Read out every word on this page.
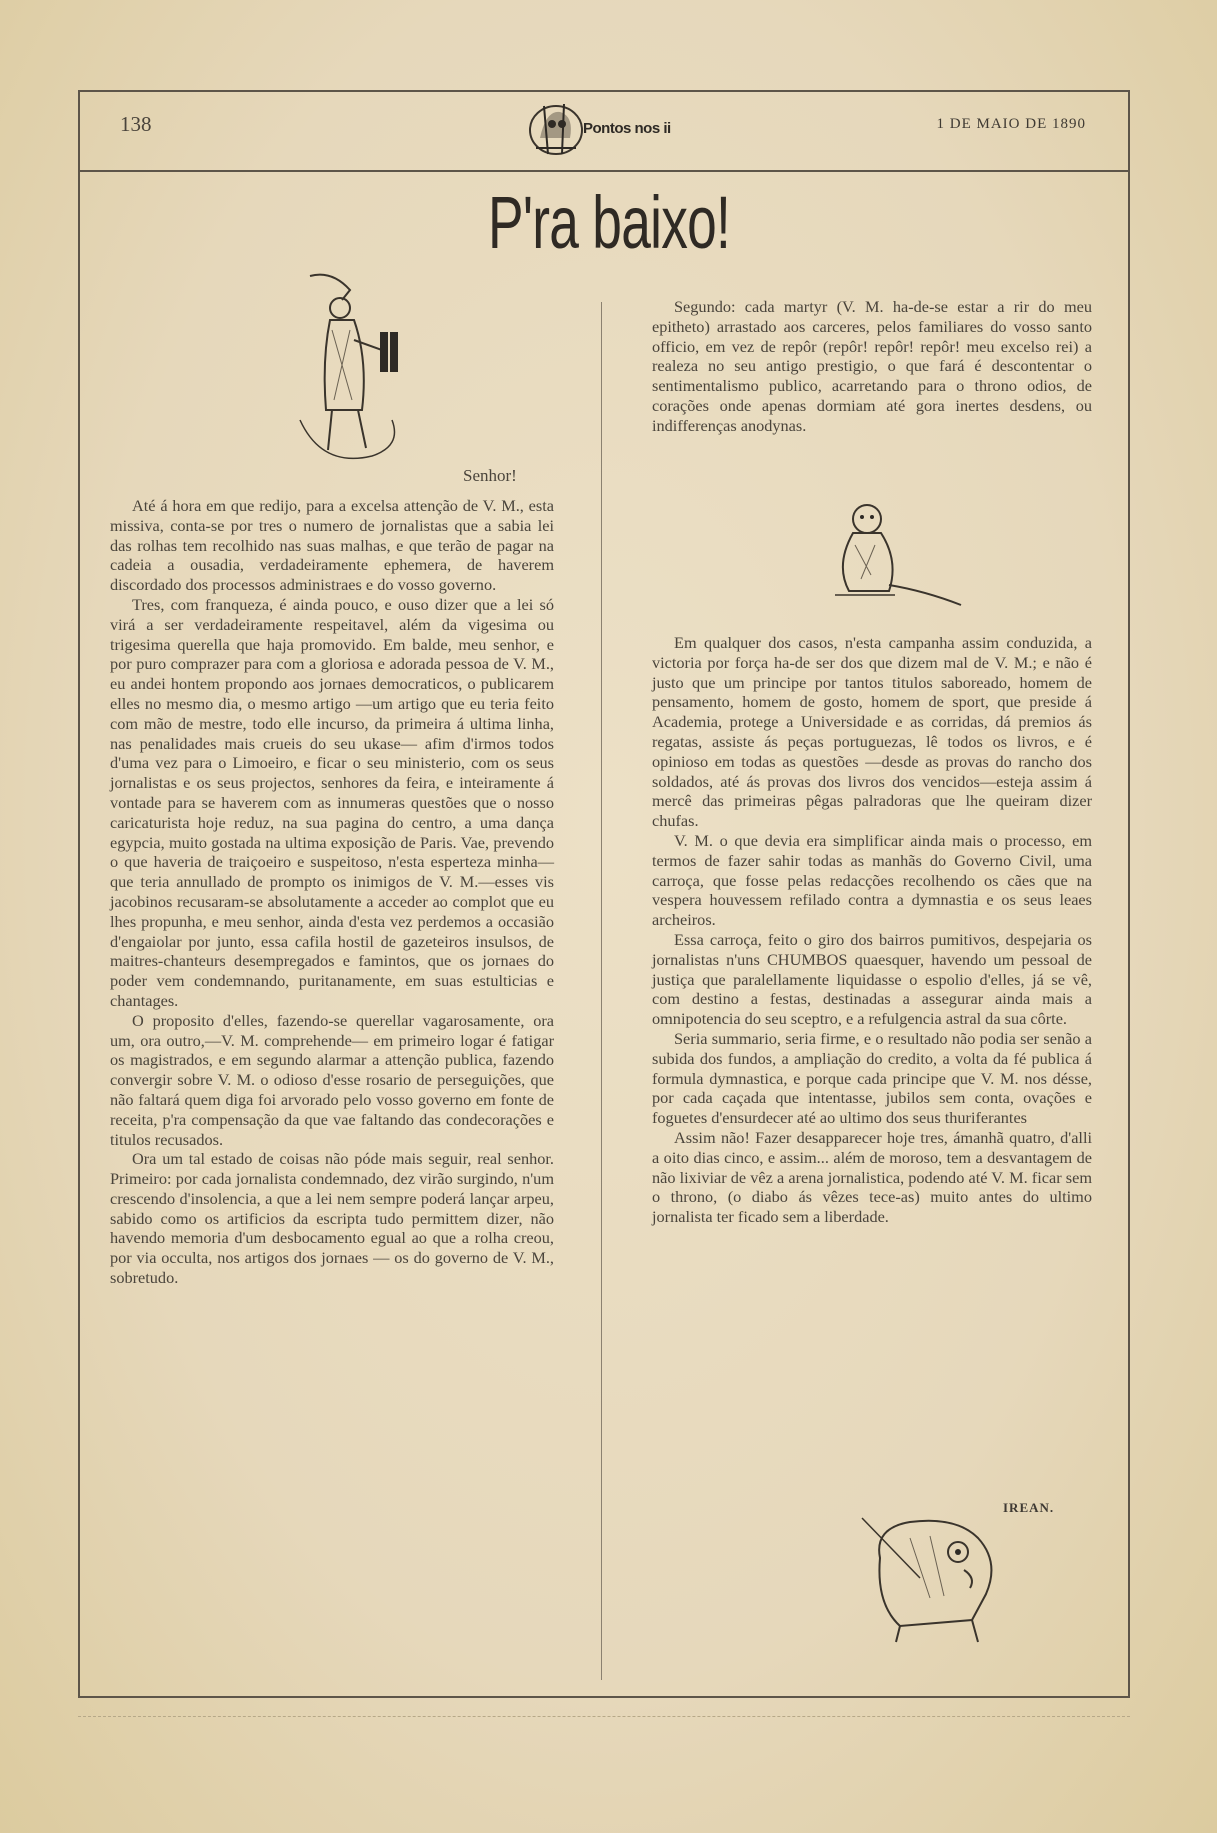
138	Pontos nos ii	1 DE MAIO DE 1890
P'ra baixo!
Senhor!

Até á hora em que redijo, para a excelsa attenção de V. M., esta missiva, conta-se por tres o numero de jornalistas que a sabia lei das rolhas tem recolhido nas suas malhas, e que terão de pagar na cadeia a ousadia, verdadeiramente ephemera, de haverem discordado dos processos administraes e do vosso governo.

Tres, com franqueza, é ainda pouco, e ouso dizer que a lei só virá a ser verdadeiramente respeitavel, além da vigesima ou trigesima querella que haja promovido. Em balde, meu senhor, e por puro comprazer para com a gloriosa e adorada pessoa de V. M., eu andei hontem propondo aos jornaes democraticos, o publicarem elles no mesmo dia, o mesmo artigo —um artigo que eu teria feito com mão de mestre, todo elle incurso, da primeira á ultima linha, nas penalidades mais crueis do seu ukase— afim d'irmos todos d'uma vez para o Limoeiro, e ficar o seu ministerio, com os seus jornalistas e os seus projectos, senhores da feira, e inteiramente á vontade para se haverem com as innumeras questões que o nosso caricaturista hoje reduz, na sua pagina do centro, a uma dança egypcia, muito gostada na ultima exposição de Paris. Vae, prevendo o que haveria de traiçoeiro e suspeitoso, n'esta esperteza minha—que teria annullado de prompto os inimigos de V. M.—esses vis jacobinos recusaram-se absolutamente a acceder ao complot que eu lhes propunha, e meu senhor, ainda d'esta vez perdemos a occasião d'engaiolar por junto, essa cafila hostil de gazeteiros insulsos, de maitres-chanteurs desempregados e famintos, que os jornaes do poder vem condemnando, puritanamente, em suas estulticias e chantages.

O proposito d'elles, fazendo-se querellar vagarosamente, ora um, ora outro,—V. M. comprehende— em primeiro logar é fatigar os magistrados, e em segundo alarmar a attenção publica, fazendo convergir sobre V. M. o odioso d'esse rosario de perseguições, que não faltará quem diga foi arvorado pelo vosso governo em fonte de receita, p'ra compensação da que vae faltando das condecorações e titulos recusados.

Ora um tal estado de coisas não póde mais seguir, real senhor. Primeiro: por cada jornalista condemnado, dez virão surgindo, n'um crescendo d'insolencia, a que a lei nem sempre poderá lançar arpeu, sabido como os artificios da escripta tudo permittem dizer, não havendo memoria d'um desbocamento egual ao que a rolha creou, por via occulta, nos artigos dos jornaes — os do governo de V. M., sobretudo.

Segundo: cada martyr (V. M. ha-de-se estar a rir do meu epitheto) arrastado aos carceres, pelos familiares do vosso santo officio, em vez de repôr (repôr! repôr! repôr! meu excelso rei) a realeza no seu antigo prestigio, o que fará é descontentar o sentimentalismo publico, acarretando para o throno odios, de corações onde apenas dormiam até gora inertes desdens, ou indifferenças anodynas.

Em qualquer dos casos, n'esta campanha assim conduzida, a victoria por força ha-de ser dos que dizem mal de V. M.; e não é justo que um principe por tantos titulos saboreado, homem de pensamento, homem de gosto, homem de sport, que preside á Academia, protege a Universidade e as corridas, dá premios ás regatas, assiste ás peças portuguezas, lê todos os livros, e é opinioso em todas as questões —desde as provas do rancho dos soldados, até ás provas dos livros dos vencidos—esteja assim á mercê das primeiras pêgas palradoras que lhe queiram dizer chufas.

V. M. o que devia era simplificar ainda mais o processo, em termos de fazer sahir todas as manhãs do Governo Civil, uma carroça, que fosse pelas redacções recolhendo os cães que na vespera houvessem refilado contra a dymnastia e os seus leaes archeiros.

Essa carroça, feito o giro dos bairros pumitivos, despejaria os jornalistas n'uns CHUMBOS quaesquer, havendo um pessoal de justiça que paralellamente liquidasse o espolio d'elles, já se vê, com destino a festas, destinadas a assegurar ainda mais a omnipotencia do seu sceptro, e a refulgencia astral da sua côrte.

Seria summario, seria firme, e o resultado não podia ser senão a subida dos fundos, a ampliação do credito, a volta da fé publica á formula dymnastica, e porque cada principe que V. M. nos désse, por cada caçada que intentasse, jubilos sem conta, ovações e foguetes d'ensurdecer até ao ultimo dos seus thuriferantes

Assim não! Fazer desapparecer hoje tres, ámanhã quatro, d'alli a oito dias cinco, e assim... além de moroso, tem a desvantagem de não lixiviar de vêz a arena jornalistica, podendo até V. M. ficar sem o throno, (o diabo ás vêzes tece-as) muito antes do ultimo jornalista ter ficado sem a liberdade.

IREAN.
